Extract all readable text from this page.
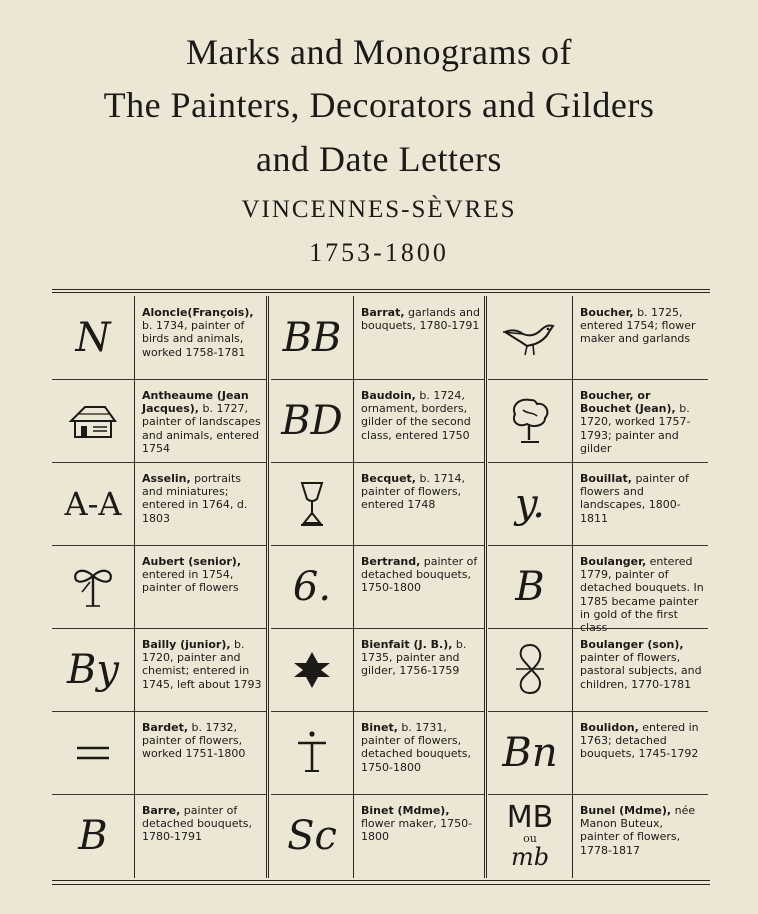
Marks and Monograms of
The Painters, Decorators and Gilders
and Date Letters
VINCENNES-SÈVRES
1753-1800
N
Aloncle(François), b. 1734, painter of birds and animals, worked 1758-1781
Antheaume (Jean Jacques), b. 1727, painter of landscapes and animals, entered 1754
A-A
Asselin, portraits and miniatures; entered in 1764, d. 1803
Aubert (senior), entered in 1754, painter of flowers
By
Bailly (junior), b. 1720, painter and chemist; entered in 1745, left about 1793
Bardet, b. 1732, painter of flowers, worked 1751-1800
B
Barre, painter of detached bouquets, 1780-1791
BB
Barrat, garlands and bouquets, 1780-1791
BD
Baudoin, b. 1724, ornament, borders, gilder of the second class, entered 1750
Becquet, b. 1714, painter of flowers, entered 1748
6.
Bertrand, painter of detached bouquets, 1750-1800
Bienfait (J. B.), b. 1735, painter and gilder, 1756-1759
Binet, b. 1731, painter of flowers, detached bouquets, 1750-1800
Sc
Binet (Mdme), flower maker, 1750-1800
Boucher, b. 1725, entered 1754; flower maker and garlands
Boucher, or Bouchet (Jean), b. 1720, worked 1757-1793; painter and gilder
y.
Bouillat, painter of flowers and landscapes, 1800-1811
B
Boulanger, entered 1779, painter of detached bouquets. In 1785 became painter in gold of the first class
Boulanger (son), painter of flowers, pastoral subjects, and children, 1770-1781
Bn
Boulidon, entered in 1763; detached bouquets, 1745-1792
MB
ou
mb
Bunel (Mdme), née Manon Buteux, painter of flowers, 1778-1817
